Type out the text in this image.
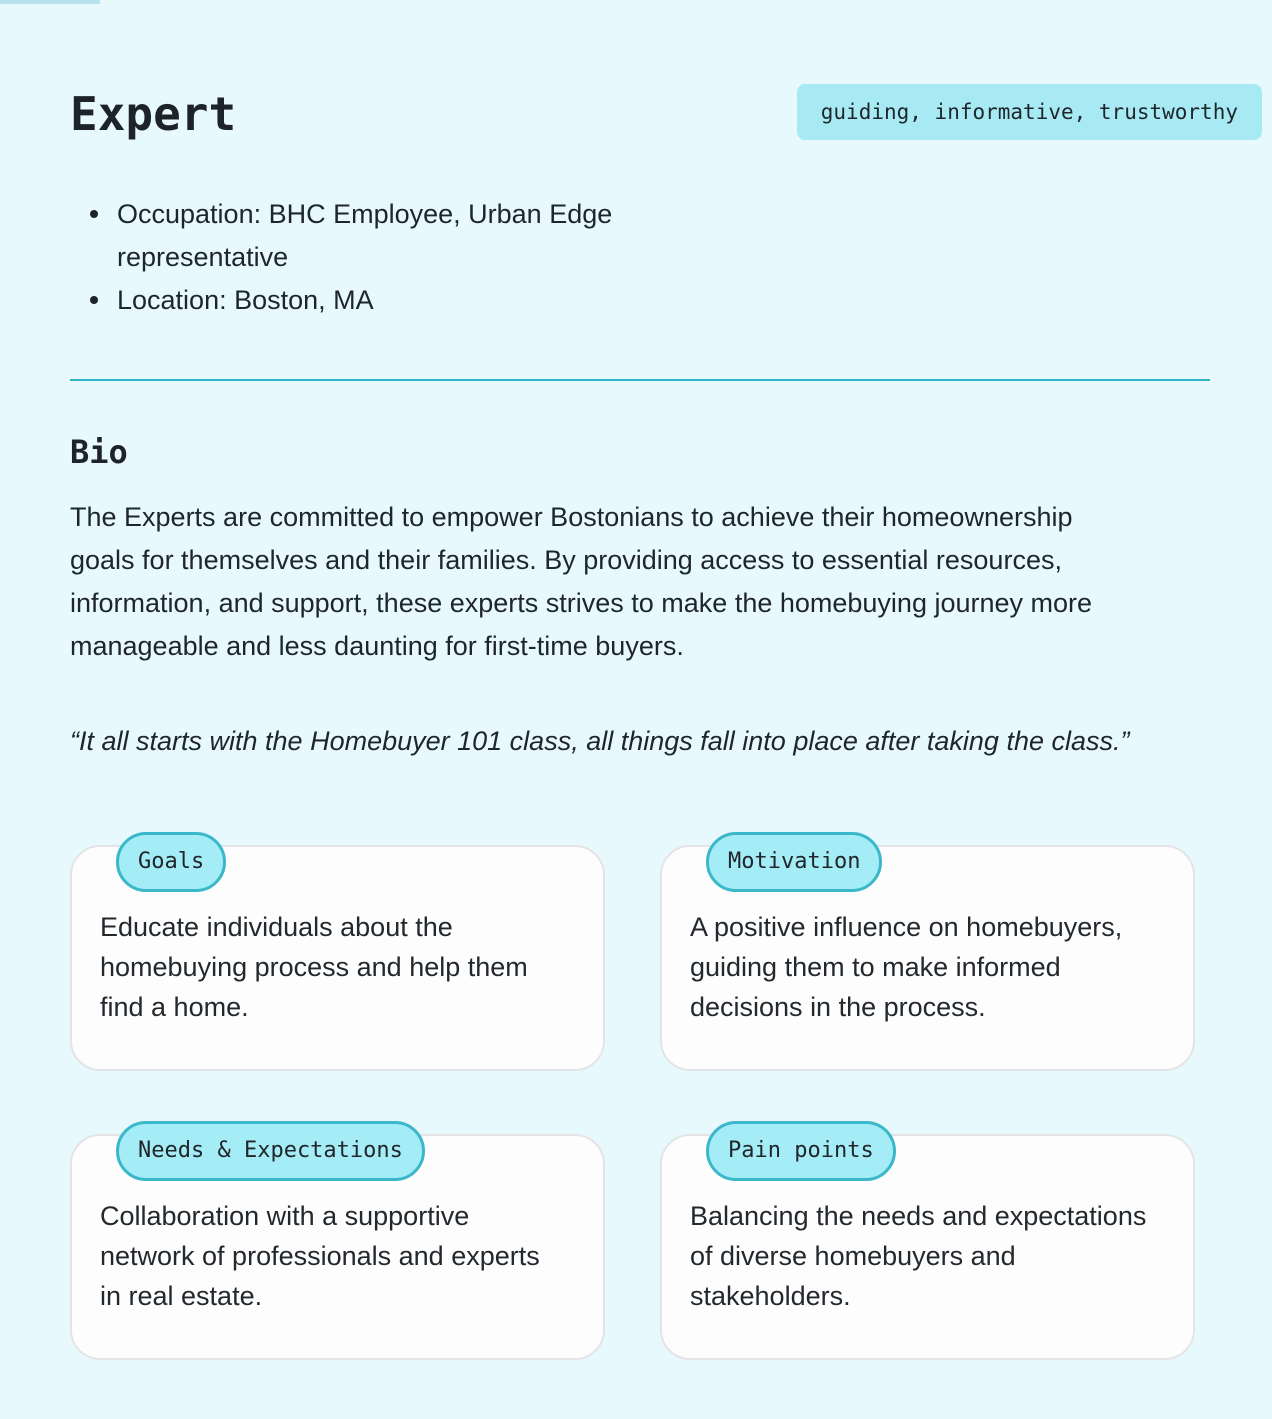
guiding, informative, trustworthy
Expert
Occupation: BHC Employee, Urban Edge representative
Location: Boston, MA
Bio

The Experts are committed to empower Bostonians to achieve their homeownership goals for themselves and their families. By providing access to essential resources, information, and support, these experts strives to make the homebuying journey more manageable and less daunting for first-time buyers.

“It all starts with the Homebuyer 101 class, all things fall into place after taking the class.”

Goals

Educate individuals about the homebuying process and help them find a home.

Motivation

A positive influence on homebuyers, guiding them to make informed decisions in the process.

Needs & Expectations

Collaboration with a supportive network of professionals and experts in real estate.

Pain points

Balancing the needs and expectations of diverse homebuyers and stakeholders.
